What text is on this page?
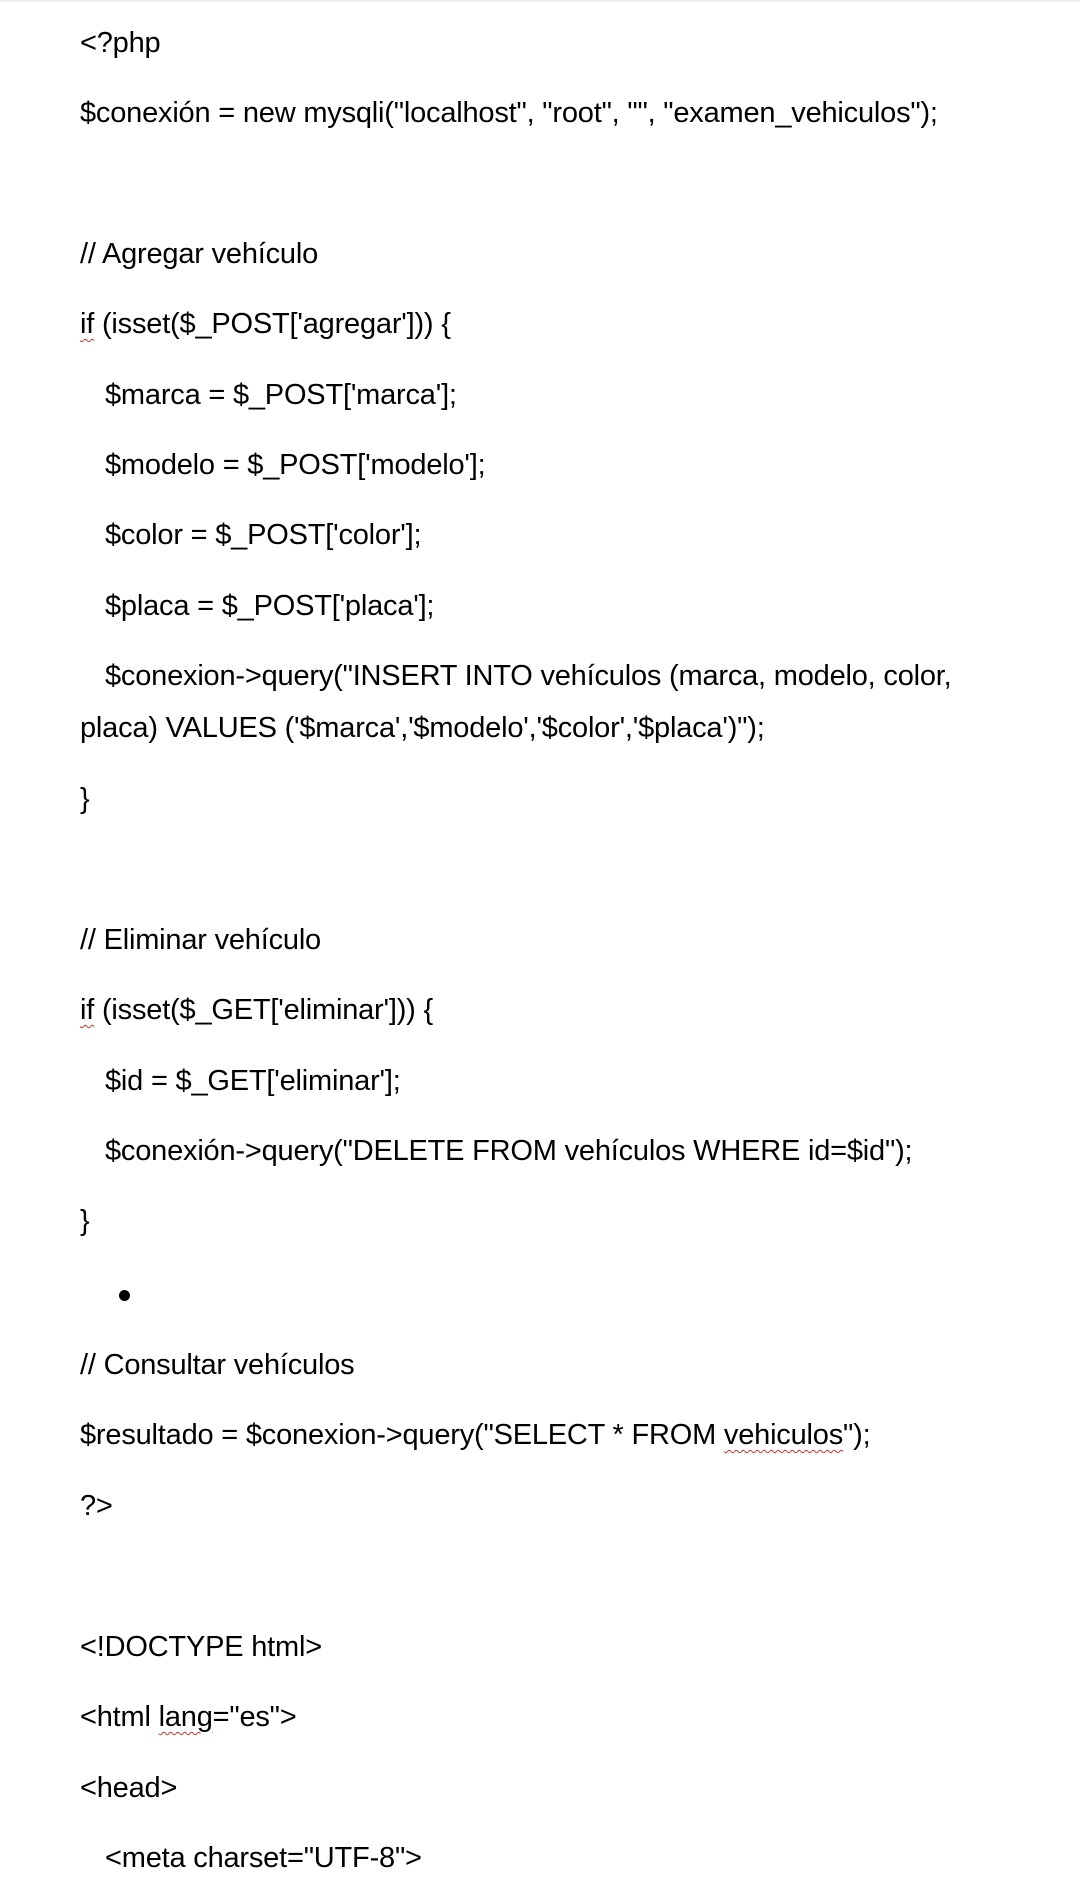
<?php
$conexión = new mysqli("localhost", "root", "", "examen_vehiculos");
// Agregar vehículo
if (isset($_POST['agregar'])) {
$marca = $_POST['marca'];
$modelo = $_POST['modelo'];
$color = $_POST['color'];
$placa = $_POST['placa'];
$conexion->query("INSERT INTO vehículos (marca, modelo, color,
placa) VALUES ('$marca','$modelo','$color','$placa')");
}
// Eliminar vehículo
if (isset($_GET['eliminar'])) {
$id = $_GET['eliminar'];
$conexión->query("DELETE FROM vehículos WHERE id=$id");
}
// Consultar vehículos
$resultado = $conexion->query("SELECT * FROM vehiculos");
?>
<!DOCTYPE html>
<html lang="es">
<head>
<meta charset="UTF-8">
